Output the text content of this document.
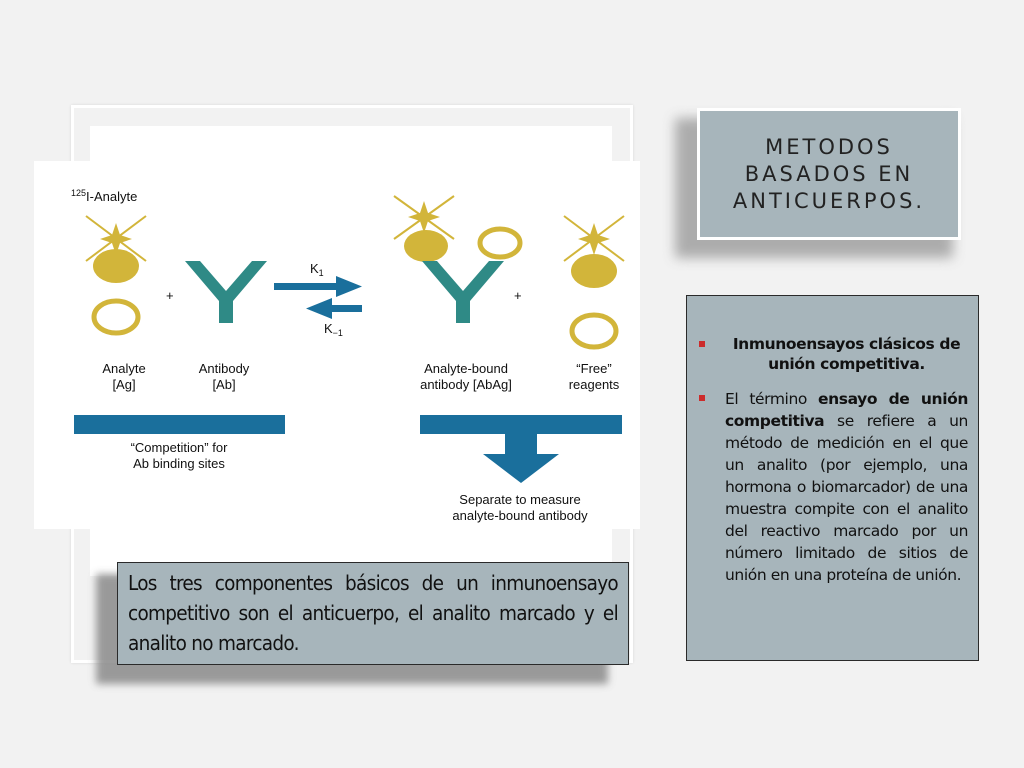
$^{125}$I-Analyte
+
$K_1$
$K_{-1}$
+
Analyte
[Ag]
Antibody
[Ab]
Analyte-bound
antibody [AbAg]
“Free”
reagents
“Competition” for
Ab binding sites
Separate to measure
analyte-bound antibody
Los tres componentes básicos de un inmunoensayo competitivo son el anticuerpo, el analito marcado y el analito no marcado.
METODOS BASADOS EN ANTICUERPOS.
Inmunoensayos clásicos de unión competitiva.
El término ensayo de unión competitiva se refiere a un método de medición en el que un analito (por ejemplo, una hormona o biomarcador) de una muestra compite con el analito del reactivo marcado por un número limitado de sitios de unión en una proteína de unión.
